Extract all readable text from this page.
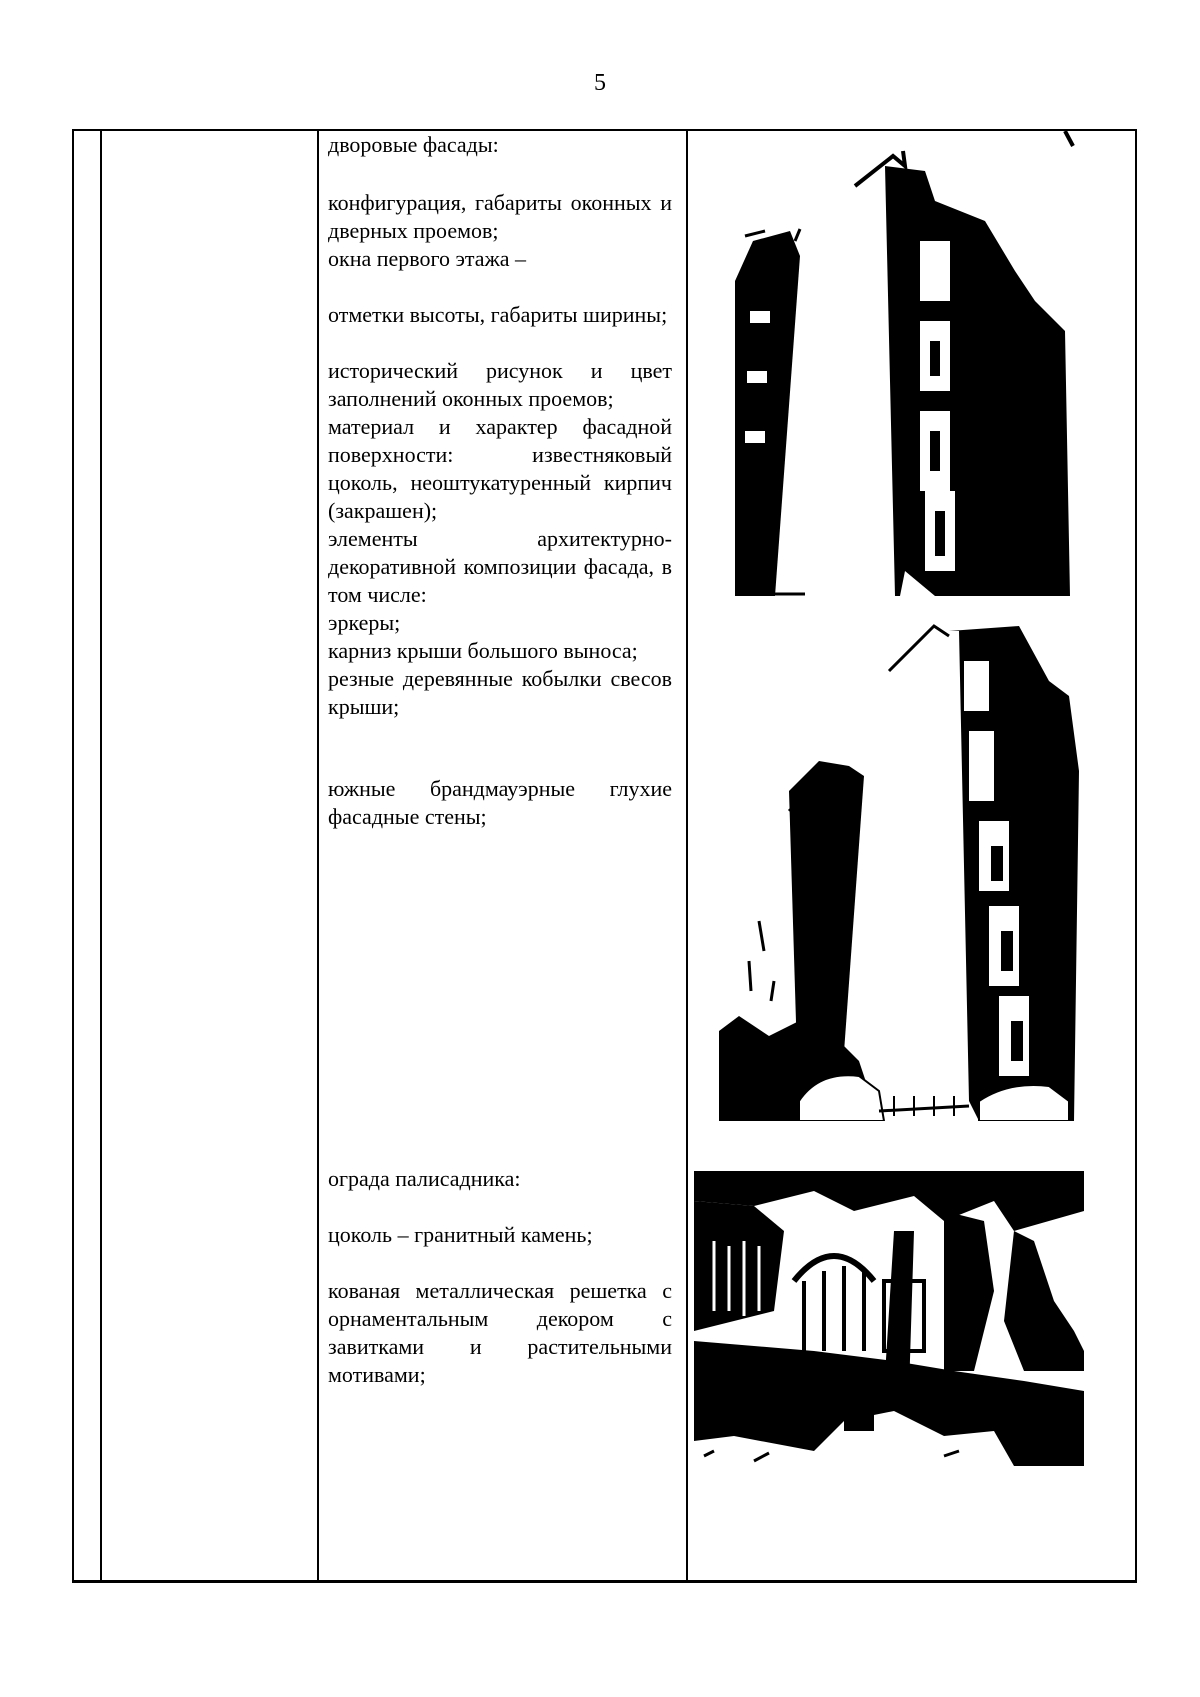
5
дворовые фасады:
конфигурация, габариты оконных и дверных проемов;
окна первого этажа –
отметки высоты, габариты ширины;
исторический рисунок и цвет заполнений оконных проемов;
материал и характер фасадной поверхности: известняковый цоколь, неоштукатуренный кирпич (закрашен);
элементы архитектурно-декоративной композиции фасада, в том числе:
эркеры;
карниз крыши большого выноса;
резные деревянные кобылки свесов крыши;
южные брандмауэрные глухие фасадные стены;
ограда палисадника:
цоколь – гранитный камень;
кованая металлическая решетка с орнаментальным декором с завитками и растительными мотивами;
